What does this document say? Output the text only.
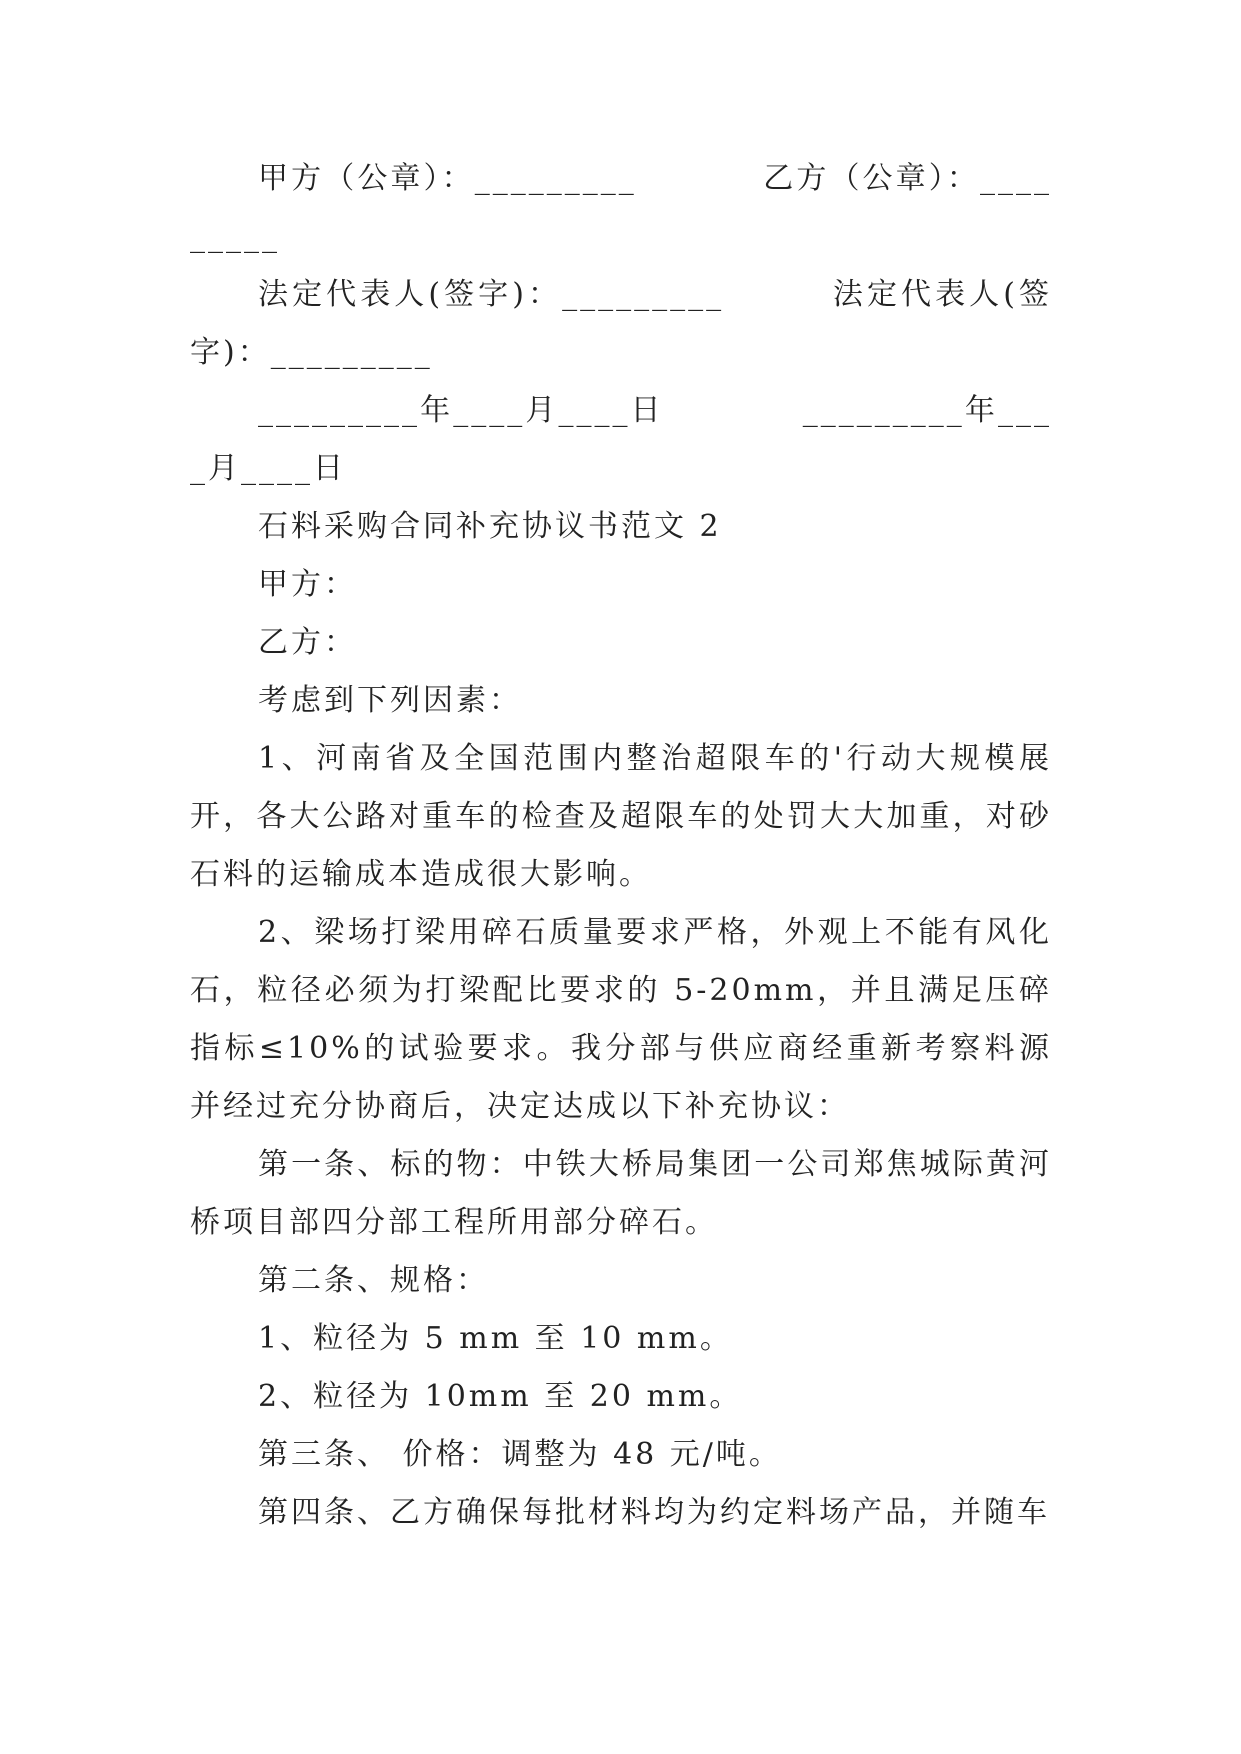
甲方（公章）：_________          乙方（公章）：_________

法定代表人(签字)：_________        法定代表人(签字)：_________

_________年____月____日           _________年____月____日

石料采购合同补充协议书范文 2

甲方：

乙方：

考虑到下列因素：

1、河南省及全国范围内整治超限车的'行动大规模展开，各大公路对重车的检查及超限车的处罚大大加重，对砂石料的运输成本造成很大影响。

2、梁场打梁用碎石质量要求严格，外观上不能有风化石，粒径必须为打梁配比要求的 5-20mm，并且满足压碎指标≤10%的试验要求。我分部与供应商经重新考察料源并经过充分协商后，决定达成以下补充协议：

第一条、标的物：中铁大桥局集团一公司郑焦城际黄河桥项目部四分部工程所用部分碎石。

第二条、规格：

1、粒径为 5 mm 至 10 mm。

2、粒径为 10mm 至 20 mm。

第三条、 价格：调整为 48 元/吨。

第四条、乙方确保每批材料均为约定料场产品，并随车
